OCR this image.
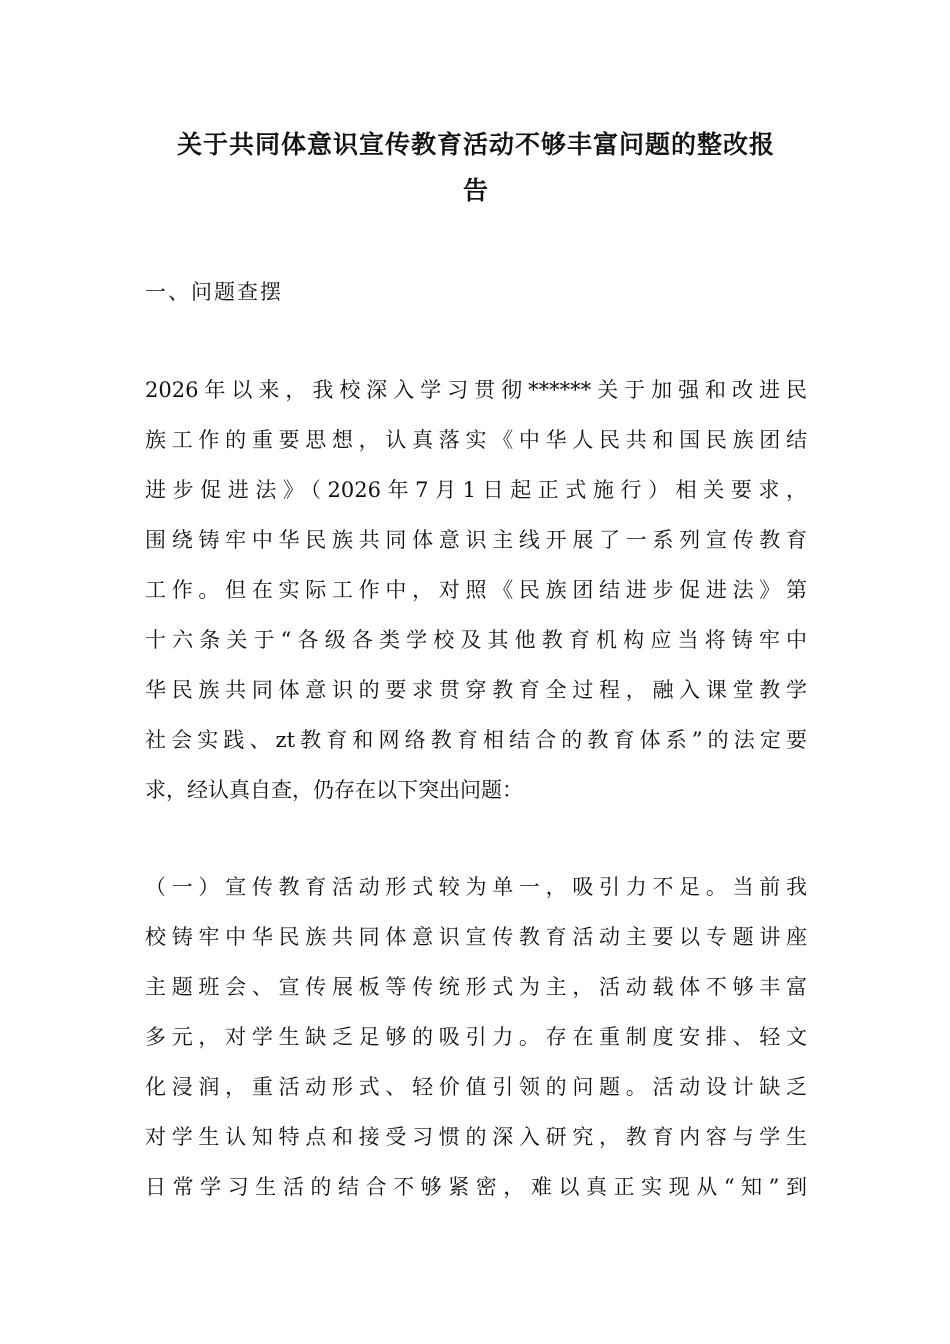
关于共同体意识宣传教育活动不够丰富问题的整改报
告

一、问题查摆

2026年以来，我校深入学习贯彻******关于加强和改进民
族工作的重要思想，认真落实《中华人民共和国民族团结
进步促进法》（2026年7月1日起正式施行）相关要求，
围绕铸牢中华民族共同体意识主线开展了一系列宣传教育
工作。但在实际工作中，对照《民族团结进步促进法》第
十六条关于“各级各类学校及其他教育机构应当将铸牢中
华民族共同体意识的要求贯穿教育全过程，融入课堂教学
社会实践、zt教育和网络教育相结合的教育体系”的法定要
求，经认真自查，仍存在以下突出问题：
（一）宣传教育活动形式较为单一，吸引力不足。当前我
校铸牢中华民族共同体意识宣传教育活动主要以专题讲座
主题班会、宣传展板等传统形式为主，活动载体不够丰富
多元，对学生缺乏足够的吸引力。存在重制度安排、轻文
化浸润，重活动形式、轻价值引领的问题。活动设计缺乏
对学生认知特点和接受习惯的深入研究，教育内容与学生
日常学习生活的结合不够紧密，难以真正实现从“知”到
